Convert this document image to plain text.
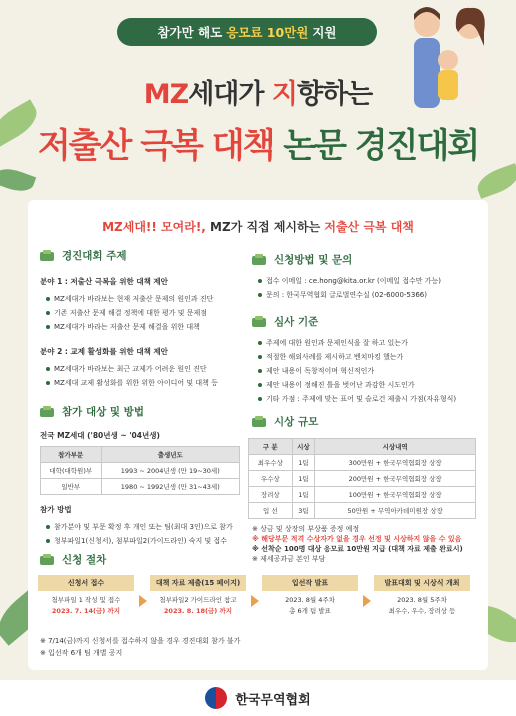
참가만 해도 응모료 10만원 지원
MZ세대가 지향하는
저출산 극복 대책 논문 경진대회
MZ세대!! 모여라!, MZ가 직접 제시하는 저출산 극복 대책
경진대회 주제
분야 1 : 저출산 극복을 위한 대책 제안
MZ세대가 바라보는 현재 저출산 문제의 원인과 진단
기존 저출산 문제 해결 정책에 대한 평가 및 문제점
MZ세대가 바라는 저출산 문제 해결을 위한 대책
분야 2 : 교제 활성화를 위한 대책 제안
MZ세대가 바라보는 최근 교제가 어려운 원인 진단
MZ세대 교제 활성화를 위한 위한 아이디어 및 대책 등
참가 대상 및 방법
전국 MZ세대 ('80년생 ~ '04년생)
참가부문	출생년도
대학(대학원)부	1993 ~ 2004년생 (만 19~30세)
일반부	1980 ~ 1992년생 (만 31~43세)
참가 방법
참가분야 및 부문 확정 후 개인 또는 팀(최대 3인)으로 참가
청부파일1(신청서), 첨부파일2(가이드라인) 숙지 및 접수
신청방법 및 문의
접수 이메일 : ce.hong@kita.or.kr (이메일 접수만 가능)
문의 : 한국무역협회 글로벌연수실 (02-6000-5366)
심사 기준
주제에 대한 원인과 문제인식을 잘 하고 있는가
적절한 해외사례를 제시하고 벤치마킹 했는가
제안 내용이 독창적이며 혁신적인가
제안 내용이 정해진 틀을 벗어난 과감한 시도인가
기타 가점 : 주제에 맞는 표어 및 슬로건 제출시 가점(자유형식)
시상 규모
구 분	시상	시상내역
최우수상	1팀	300만원 + 한국무역협회장 상장
우수상	1팀	200만원 + 한국무역협회장 상장
장려상	1팀	100만원 + 한국무역협회장 상장
입 선	3팀	50만원 + 무역아카데미원장 상장
※ 상금 및 상장의 부상품 증정 예정
※ 해당부문 적격 수상자가 없을 경우 선정 및 시상하지 않을 수 있음
※ 선착순 100명 대상 응모료 10만원 지급 (대책 자료 제출 완료시)
※ 제세공과금 본인 부담
신청 절차
신청서 접수
첨부파일 1 작성 및 접수
2023. 7. 14(금) 까지
대책 자료 제출(15 페이지)
첨부파일2 가이드라인 참고
2023. 8. 18(금) 까지
입선작 발표
2023. 8월 4주차
총 6개 팀 발표
발표대회 및 시상식 개최
2023. 8월 5주차
최우수, 우수, 장려상 등
※ 7/14(금)까지 신청서를 접수하지 않을 경우 경진대회 참가 불가
※ 입선작 6개 팀 개별 공지
한국무역협회
